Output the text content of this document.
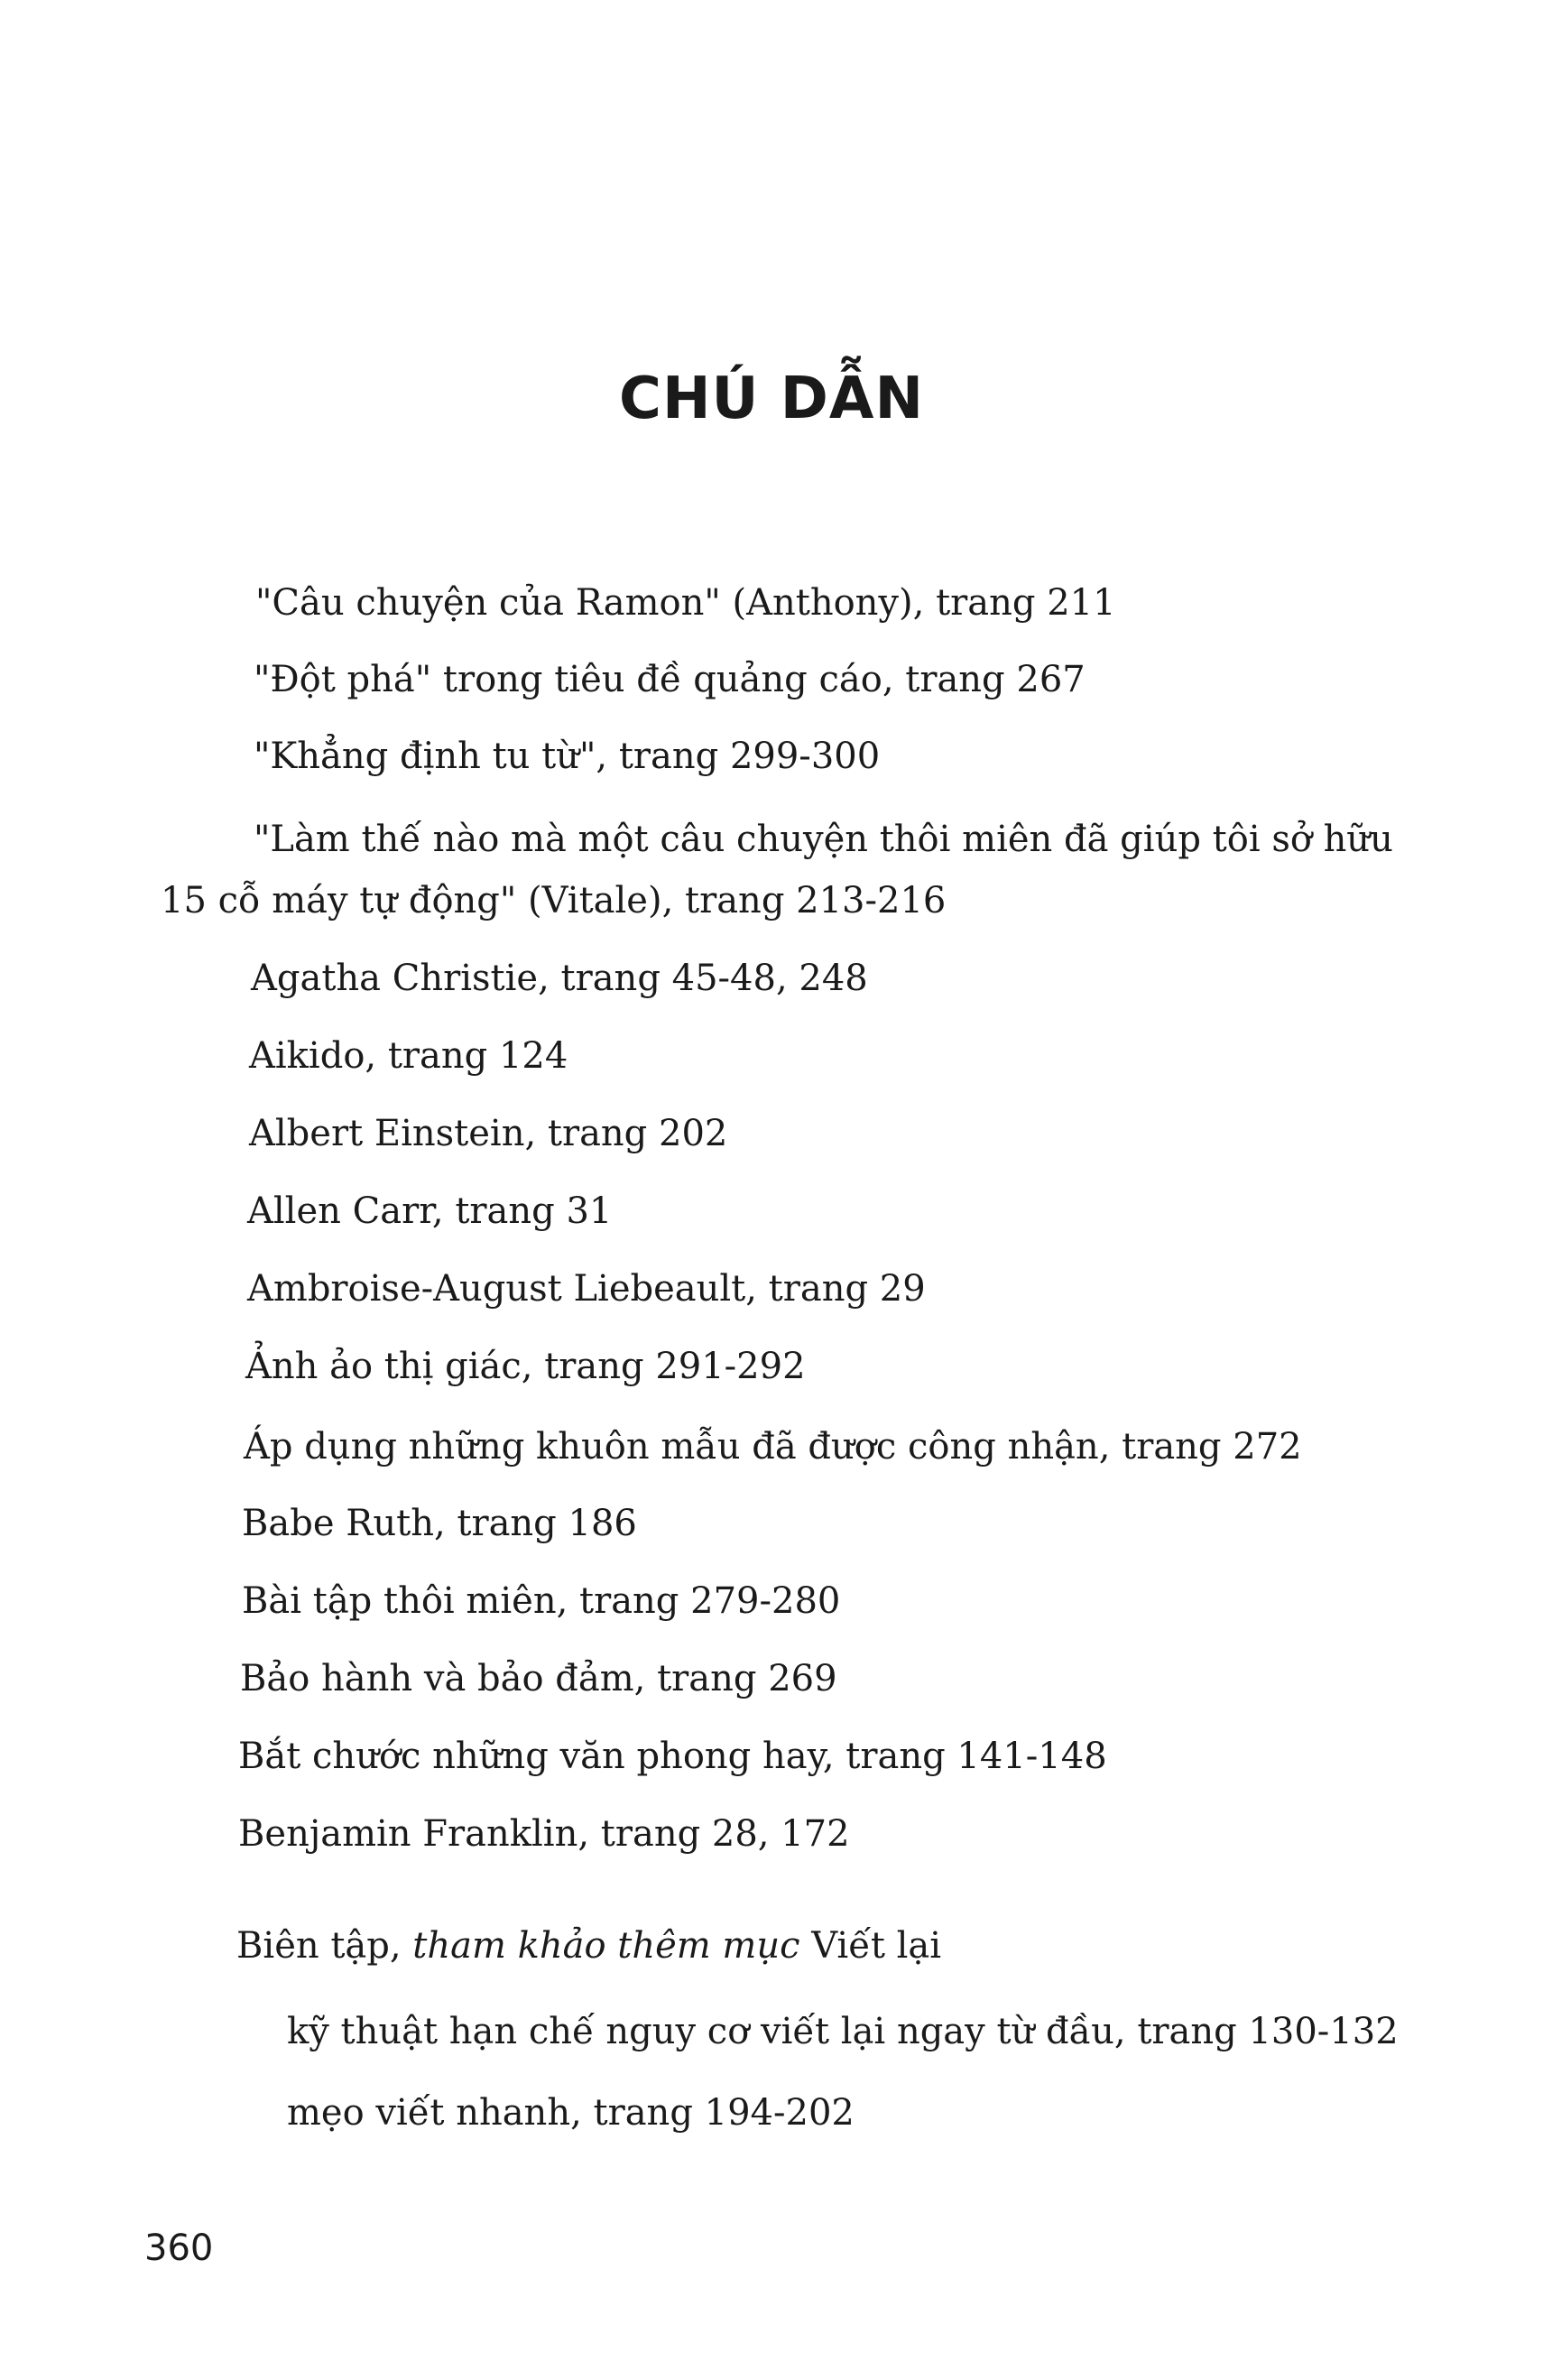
CHÚ DẪN
"Câu chuyện của Ramon" (Anthony), trang 211
"Đột phá" trong tiêu đề quảng cáo, trang 267
"Khẳng định tu từ", trang 299-300
"Làm thế nào mà một câu chuyện thôi miên đã giúp tôi sở hữu
15 cỗ máy tự động" (Vitale), trang 213-216
Agatha Christie, trang 45-48, 248
Aikido, trang 124
Albert Einstein, trang 202
Allen Carr, trang 31
Ambroise-August Liebeault, trang 29
Ảnh ảo thị giác, trang 291-292
Áp dụng những khuôn mẫu đã được công nhận, trang 272
Babe Ruth, trang 186
Bài tập thôi miên, trang 279-280
Bảo hành và bảo đảm, trang 269
Bắt chước những văn phong hay, trang 141-148
Benjamin Franklin, trang 28, 172
Biên tập, tham khảo thêm mục Viết lại
kỹ thuật hạn chế nguy cơ viết lại ngay từ đầu, trang 130-132
mẹo viết nhanh, trang 194-202
360
